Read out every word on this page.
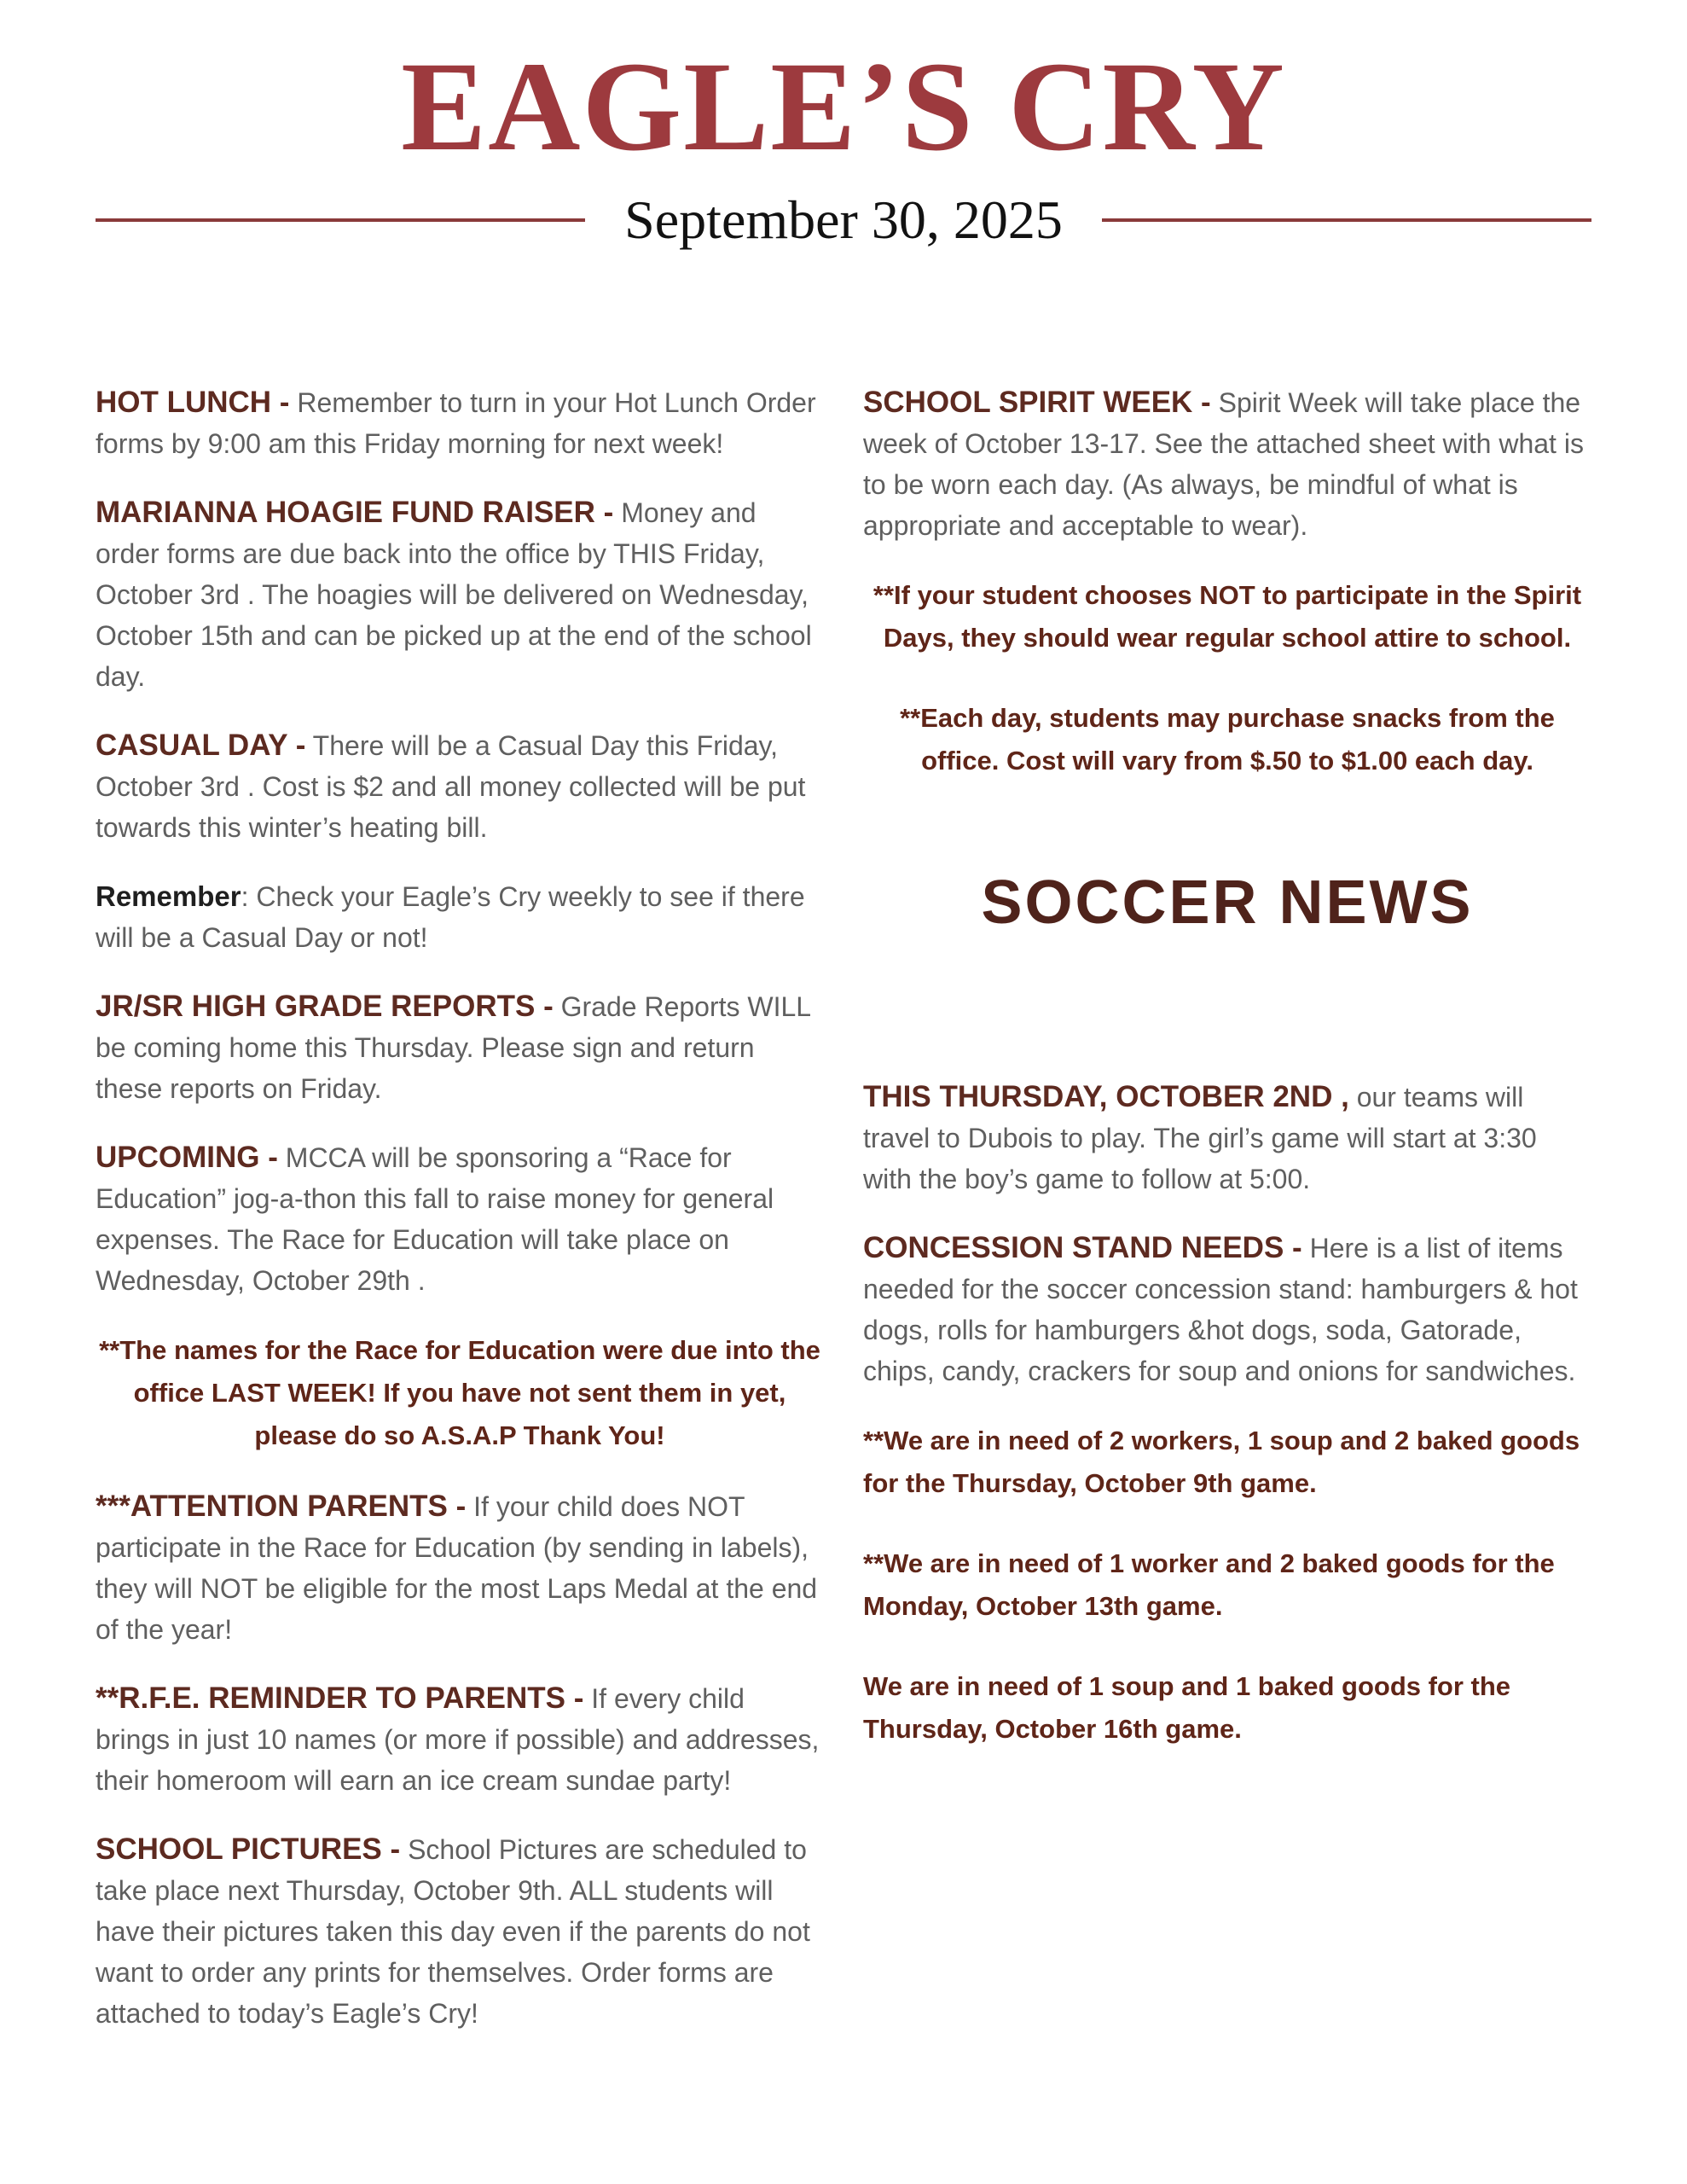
EAGLE’S CRY
September 30, 2025

HOT LUNCH - Remember to turn in your Hot Lunch Order forms by 9:00 am this Friday morning for next week!

MARIANNA HOAGIE FUND RAISER - Money and order forms are due back into the office by THIS Friday, October 3rd . The hoagies will be delivered on Wednesday, October 15th and can be picked up at the end of the school day.

CASUAL DAY - There will be a Casual Day this Friday, October 3rd . Cost is $2 and all money collected will be put towards this winter’s heating bill.

Remember: Check your Eagle’s Cry weekly to see if there will be a Casual Day or not!

JR/SR HIGH GRADE REPORTS - Grade Reports WILL be coming home this Thursday. Please sign and return these reports on Friday.

UPCOMING - MCCA will be sponsoring a “Race for Education” jog-a-thon this fall to raise money for general expenses. The Race for Education will take place on Wednesday, October 29th .

**The names for the Race for Education were due into the office LAST WEEK! If you have not sent them in yet, please do so A.S.A.P Thank You!

***ATTENTION PARENTS - If your child does NOT participate in the Race for Education (by sending in labels), they will NOT be eligible for the most Laps Medal at the end of the year!

**R.F.E. REMINDER TO PARENTS - If every child brings in just 10 names (or more if possible) and addresses, their homeroom will earn an ice cream sundae party!

SCHOOL PICTURES - School Pictures are scheduled to take place next Thursday, October 9th. ALL students will have their pictures taken this day even if the parents do not want to order any prints for themselves. Order forms are attached to today’s Eagle’s Cry!

SCHOOL SPIRIT WEEK - Spirit Week will take place the week of October 13-17. See the attached sheet with what is to be worn each day. (As always, be mindful of what is appropriate and acceptable to wear).

**If your student chooses NOT to participate in the Spirit Days, they should wear regular school attire to school.

**Each day, students may purchase snacks from the office. Cost will vary from $.50 to $1.00 each day.

SOCCER NEWS

THIS THURSDAY, OCTOBER 2ND , our teams will travel to Dubois to play. The girl’s game will start at 3:30 with the boy’s game to follow at 5:00.

CONCESSION STAND NEEDS - Here is a list of items needed for the soccer concession stand: hamburgers & hot dogs, rolls for hamburgers &hot dogs, soda, Gatorade, chips, candy, crackers for soup and onions for sandwiches.

**We are in need of 2 workers, 1 soup and 2 baked goods for the Thursday, October 9th game.

**We are in need of 1 worker and 2 baked goods for the Monday, October 13th game.

We are in need of 1 soup and 1 baked goods for the Thursday, October 16th game.
